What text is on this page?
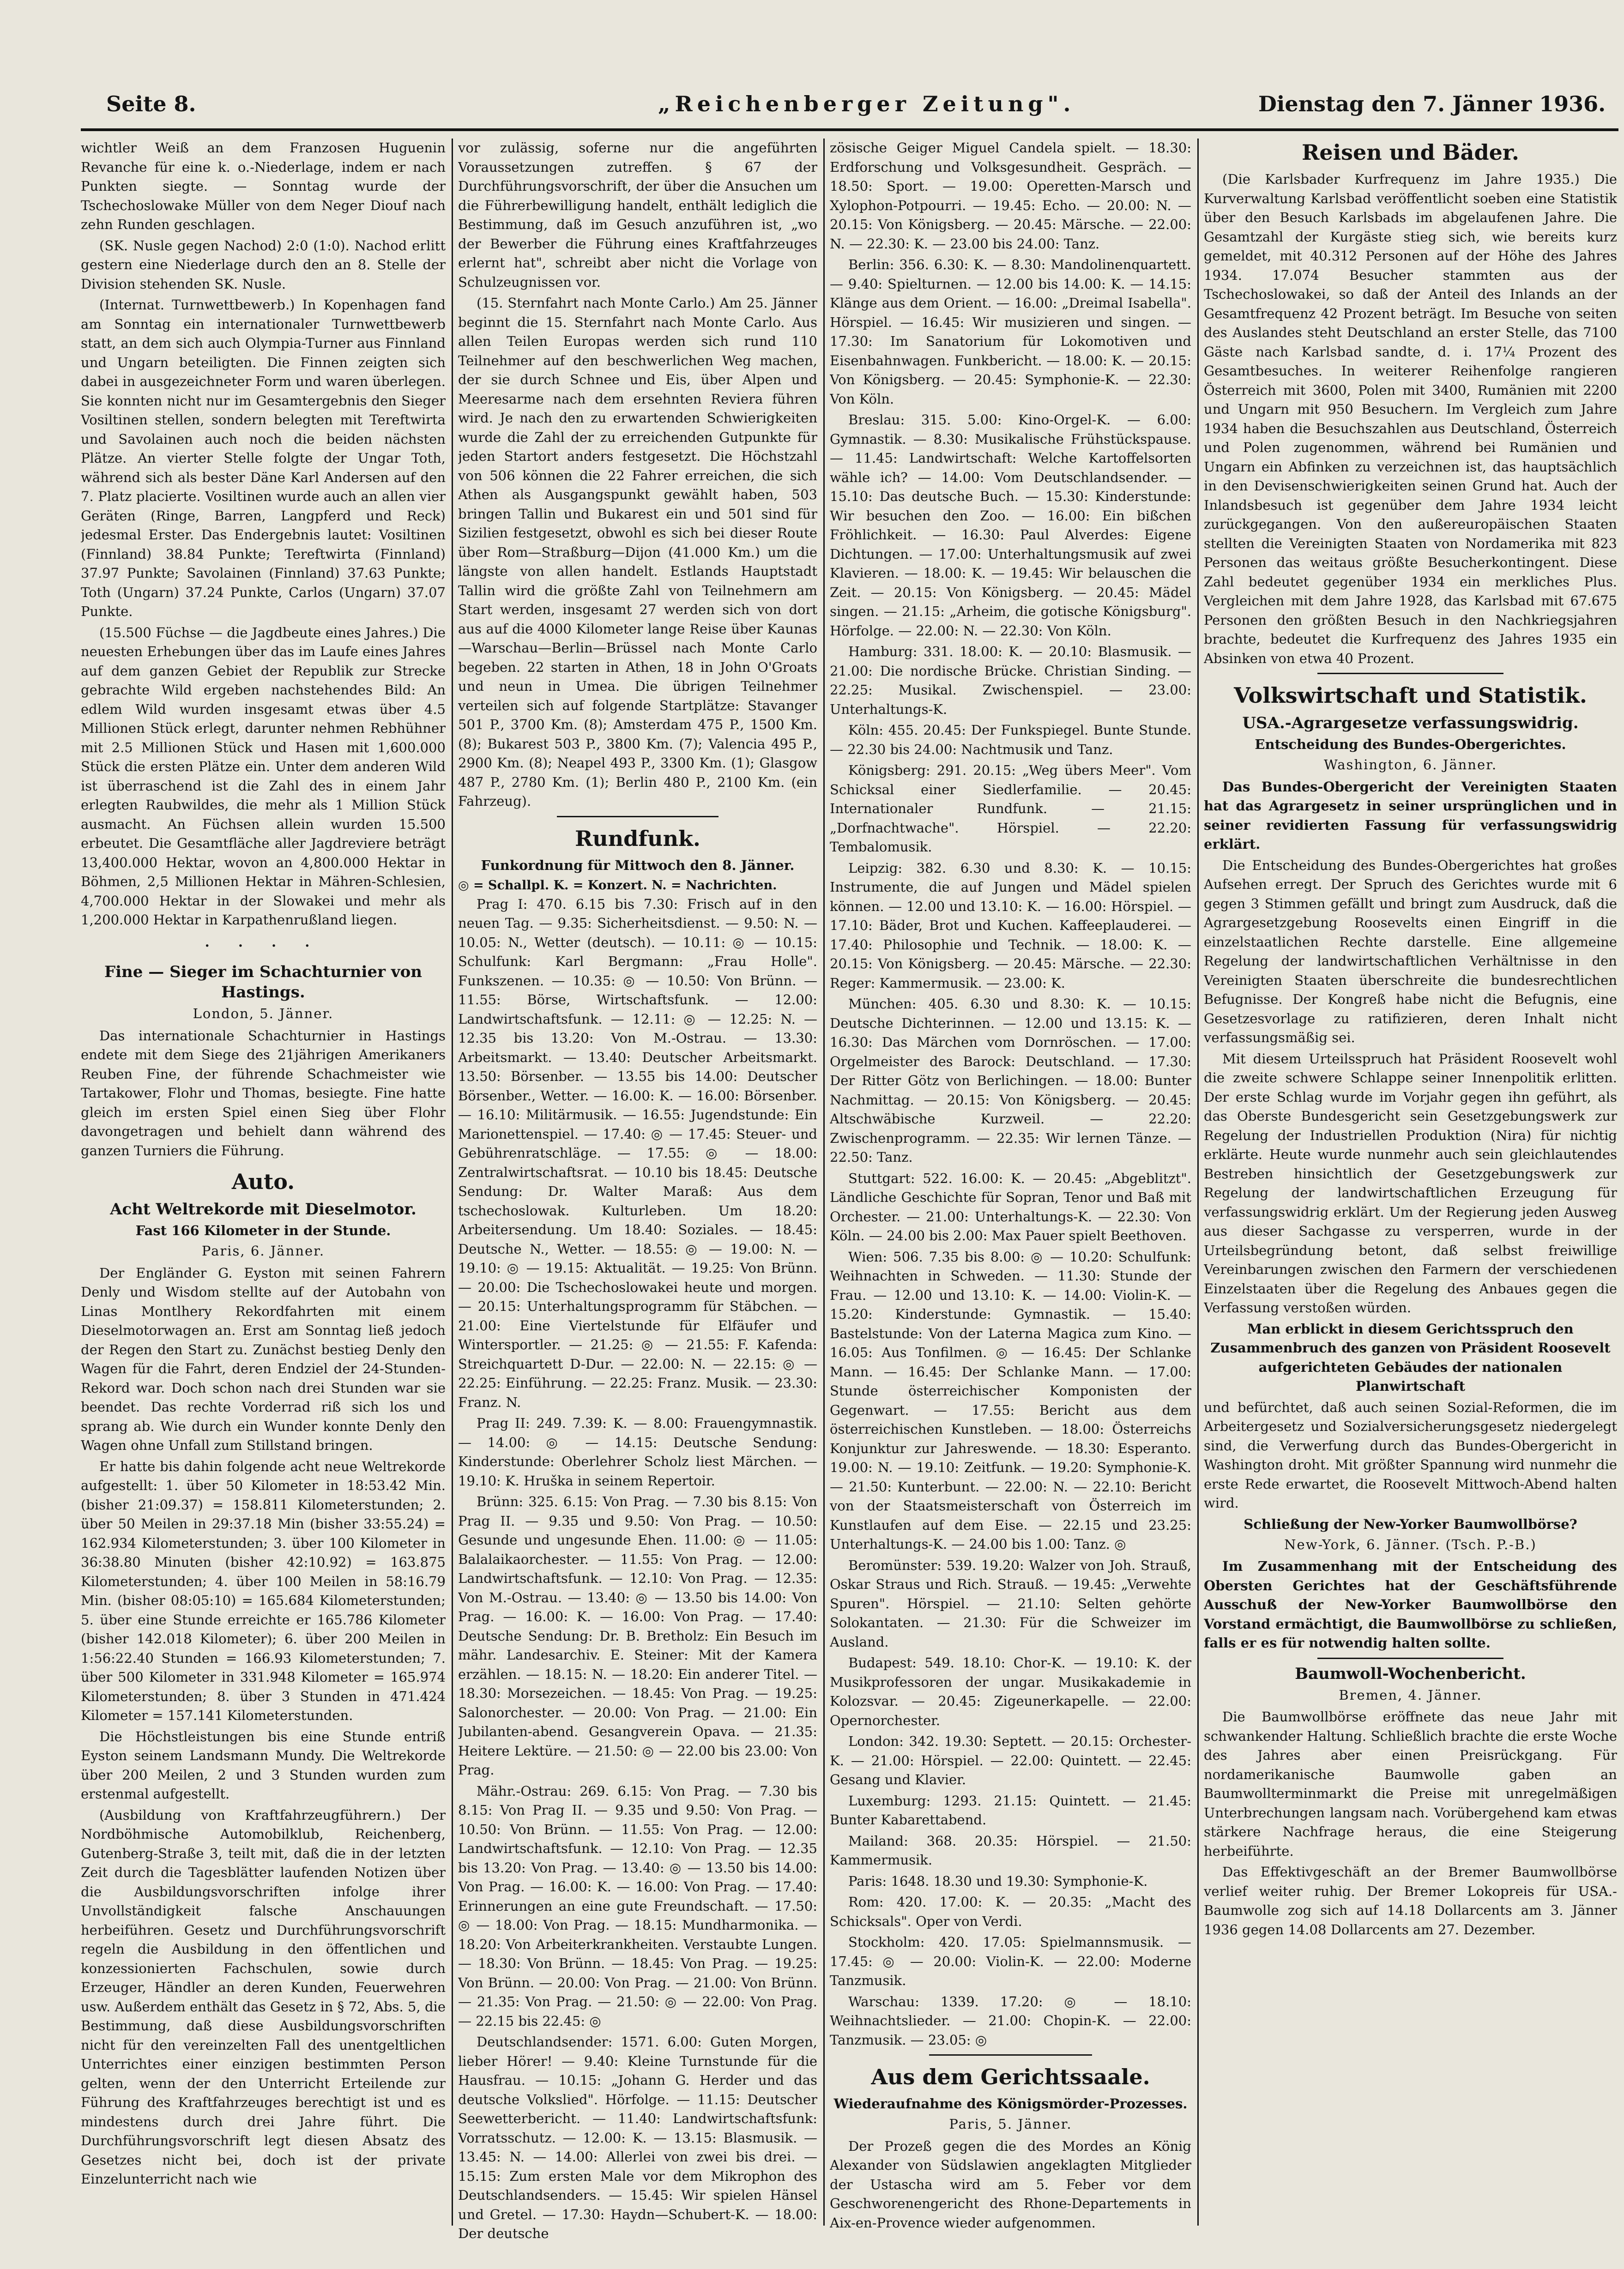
Seite 8.	„Reichenberger Zeitung".	Dienstag den 7. Jänner 1936.

wichtler Weiß an dem Franzosen Huguenin Revanche für eine k. o.-Niederlage, indem er nach Punkten siegte. — Sonntag wurde der Tschechoslowake Müller von dem Neger Diouf nach zehn Runden geschlagen.

(SK. Nusle gegen Nachod) 2:0 (1:0). Nachod erlitt gestern eine Niederlage durch den an 8. Stelle der Division stehenden SK. Nusle.

(Internat. Turnwettbewerb.) In Kopenhagen fand am Sonntag ein internationaler Turnwettbewerb statt, an dem sich auch Olympia-Turner aus Finnland und Ungarn beteiligten. Die Finnen zeigten sich dabei in ausgezeichneter Form und waren überlegen. Sie konnten nicht nur im Gesamtergebnis den Sieger Vosiltinen stellen, sondern belegten mit Tereftwirta und Savolainen auch noch die beiden nächsten Plätze. An vierter Stelle folgte der Ungar Toth, während sich als bester Däne Karl Andersen auf den 7. Platz placierte. Vosiltinen wurde auch an allen vier Geräten (Ringe, Barren, Langpferd und Reck) jedesmal Erster. Das Endergebnis lautet: Vosiltinen (Finnland) 38.84 Punkte; Tereftwirta (Finnland) 37.97 Punkte; Savolainen (Finnland) 37.63 Punkte; Toth (Ungarn) 37.24 Punkte, Carlos (Ungarn) 37.07 Punkte.

(15.500 Füchse — die Jagdbeute eines Jahres.) Die neuesten Erhebungen über das im Laufe eines Jahres auf dem ganzen Gebiet der Republik zur Strecke gebrachte Wild ergeben nachstehendes Bild: An edlem Wild wurden insgesamt etwas über 4.5 Millionen Stück erlegt, darunter nehmen Rebhühner mit 2.5 Millionen Stück und Hasen mit 1,600.000 Stück die ersten Plätze ein. Unter dem anderen Wild ist überraschend ist die Zahl des in einem Jahr erlegten Raubwildes, die mehr als 1 Million Stück ausmacht. An Füchsen allein wurden 15.500 erbeutet. Die Gesamtfläche aller Jagdreviere beträgt 13,400.000 Hektar, wovon an 4,800.000 Hektar in Böhmen, 2,5 Millionen Hektar in Mähren-Schlesien, 4,700.000 Hektar in der Slowakei und mehr als 1,200.000 Hektar in Karpathenrußland liegen.

· · · ·
Fine — Sieger im Schachturnier von Hastings.
London, 5. Jänner.

Das internationale Schachturnier in Hastings endete mit dem Siege des 21jährigen Amerikaners Reuben Fine, der führende Schachmeister wie Tartakower, Flohr und Thomas, besiegte. Fine hatte gleich im ersten Spiel einen Sieg über Flohr davongetragen und behielt dann während des ganzen Turniers die Führung.

Auto.
Acht Weltrekorde mit Dieselmotor.
Fast 166 Kilometer in der Stunde.
Paris, 6. Jänner.

Der Engländer G. Eyston mit seinen Fahrern Denly und Wisdom stellte auf der Autobahn von Linas Montlhery Rekordfahrten mit einem Dieselmotorwagen an. Erst am Sonntag ließ jedoch der Regen den Start zu. Zunächst bestieg Denly den Wagen für die Fahrt, deren Endziel der 24-Stunden-Rekord war. Doch schon nach drei Stunden war sie beendet. Das rechte Vorderrad riß sich los und sprang ab. Wie durch ein Wunder konnte Denly den Wagen ohne Unfall zum Stillstand bringen.

Er hatte bis dahin folgende acht neue Weltrekorde aufgestellt: 1. über 50 Kilometer in 18:53.42 Min. (bisher 21:09.37) = 158.811 Kilometerstunden; 2. über 50 Meilen in 29:37.18 Min (bisher 33:55.24) = 162.934 Kilometerstunden; 3. über 100 Kilometer in 36:38.80 Minuten (bisher 42:10.92) = 163.875 Kilometerstunden; 4. über 100 Meilen in 58:16.79 Min. (bisher 08:05:10) = 165.684 Kilometerstunden; 5. über eine Stunde erreichte er 165.786 Kilometer (bisher 142.018 Kilometer); 6. über 200 Meilen in 1:56:22.40 Stunden = 166.93 Kilometerstunden; 7. über 500 Kilometer in 331.948 Kilometer = 165.974 Kilometerstunden; 8. über 3 Stunden in 471.424 Kilometer = 157.141 Kilometerstunden.

Die Höchstleistungen bis eine Stunde entriß Eyston seinem Landsmann Mundy. Die Weltrekorde über 200 Meilen, 2 und 3 Stunden wurden zum erstenmal aufgestellt.

(Ausbildung von Kraftfahrzeugführern.) Der Nordböhmische Automobilklub, Reichenberg, Gutenberg-Straße 3, teilt mit, daß die in der letzten Zeit durch die Tagesblätter laufenden Notizen über die Ausbildungsvorschriften infolge ihrer Unvollständigkeit falsche Anschauungen herbeiführen. Gesetz und Durchführungsvorschrift regeln die Ausbildung in den öffentlichen und konzessionierten Fachschulen, sowie durch Erzeuger, Händler an deren Kunden, Feuerwehren usw. Außerdem enthält das Gesetz in § 72, Abs. 5, die Bestimmung, daß diese Ausbildungsvorschriften nicht für den vereinzelten Fall des unentgeltlichen Unterrichtes einer einzigen bestimmten Person gelten, wenn der den Unterricht Erteilende zur Führung des Kraftfahrzeuges berechtigt ist und es mindestens durch drei Jahre führt. Die Durchführungsvorschrift legt diesen Absatz des Gesetzes nicht bei, doch ist der private Einzelunterricht nach wie

vor zulässig, soferne nur die angeführten Voraussetzungen zutreffen. § 67 der Durchführungsvorschrift, der über die Ansuchen um die Führerbewilligung handelt, enthält lediglich die Bestimmung, daß im Gesuch anzuführen ist, „wo der Bewerber die Führung eines Kraftfahrzeuges erlernt hat", schreibt aber nicht die Vorlage von Schulzeugnissen vor.

(15. Sternfahrt nach Monte Carlo.) Am 25. Jänner beginnt die 15. Sternfahrt nach Monte Carlo. Aus allen Teilen Europas werden sich rund 110 Teilnehmer auf den beschwerlichen Weg machen, der sie durch Schnee und Eis, über Alpen und Meeresarme nach dem ersehnten Reviera führen wird. Je nach den zu erwartenden Schwierigkeiten wurde die Zahl der zu erreichenden Gutpunkte für jeden Startort anders festgesetzt. Die Höchstzahl von 506 können die 22 Fahrer erreichen, die sich Athen als Ausgangspunkt gewählt haben, 503 bringen Tallin und Bukarest ein und 501 sind für Sizilien festgesetzt, obwohl es sich bei dieser Route über Rom—Straßburg—Dijon (41.000 Km.) um die längste von allen handelt. Estlands Hauptstadt Tallin wird die größte Zahl von Teilnehmern am Start werden, insgesamt 27 werden sich von dort aus auf die 4000 Kilometer lange Reise über Kaunas—Warschau—Berlin—Brüssel nach Monte Carlo begeben. 22 starten in Athen, 18 in John O'Groats und neun in Umea. Die übrigen Teilnehmer verteilen sich auf folgende Startplätze: Stavanger 501 P., 3700 Km. (8); Amsterdam 475 P., 1500 Km. (8); Bukarest 503 P., 3800 Km. (7); Valencia 495 P., 2900 Km. (8); Neapel 493 P., 3300 Km. (1); Glasgow 487 P., 2780 Km. (1); Berlin 480 P., 2100 Km. (ein Fahrzeug).

Rundfunk.
Funkordnung für Mittwoch den 8. Jänner.
◎ = Schallpl. K. = Konzert. N. = Nachrichten.

Prag I: 470. 6.15 bis 7.30: Frisch auf in den neuen Tag. — 9.35: Sicherheitsdienst. — 9.50: N. — 10.05: N., Wetter (deutsch). — 10.11: ◎ — 10.15: Schulfunk: Karl Bergmann: „Frau Holle". Funkszenen. — 10.35: ◎ — 10.50: Von Brünn. — 11.55: Börse, Wirtschaftsfunk. — 12.00: Landwirtschaftsfunk. — 12.11: ◎ — 12.25: N. — 12.35 bis 13.20: Von M.-Ostrau. — 13.30: Arbeitsmarkt. — 13.40: Deutscher Arbeitsmarkt. 13.50: Börsenber. — 13.55 bis 14.00: Deutscher Börsenber., Wetter. — 16.00: K. — 16.00: Börsenber. — 16.10: Militärmusik. — 16.55: Jugendstunde: Ein Marionettenspiel. — 17.40: ◎ — 17.45: Steuer- und Gebührenratschläge. — 17.55: ◎ — 18.00: Zentralwirtschaftsrat. — 10.10 bis 18.45: Deutsche Sendung: Dr. Walter Maraß: Aus dem tschechoslowak. Kulturleben. Um 18.20: Arbeitersendung. Um 18.40: Soziales. — 18.45: Deutsche N., Wetter. — 18.55: ◎ — 19.00: N. — 19.10: ◎ — 19.15: Aktualität. — 19.25: Von Brünn. — 20.00: Die Tschechoslowakei heute und morgen. — 20.15: Unterhaltungsprogramm für Stäbchen. — 21.00: Eine Viertelstunde für Elfäufer und Wintersportler. — 21.25: ◎ — 21.55: F. Kafenda: Streichquartett D-Dur. — 22.00: N. — 22.15: ◎ — 22.25: Einführung. — 22.25: Franz. Musik. — 23.30: Franz. N.

Prag II: 249. 7.39: K. — 8.00: Frauengymnastik. — 14.00: ◎ — 14.15: Deutsche Sendung: Kinderstunde: Oberlehrer Scholz liest Märchen. — 19.10: K. Hruška in seinem Repertoir.

Brünn: 325. 6.15: Von Prag. — 7.30 bis 8.15: Von Prag II. — 9.35 und 9.50: Von Prag. — 10.50: Gesunde und ungesunde Ehen. 11.00: ◎ — 11.05: Balalaikaorchester. — 11.55: Von Prag. — 12.00: Landwirtschaftsfunk. — 12.10: Von Prag. — 12.35: Von M.-Ostrau. — 13.40: ◎ — 13.50 bis 14.00: Von Prag. — 16.00: K. — 16.00: Von Prag. — 17.40: Deutsche Sendung: Dr. B. Bretholz: Ein Besuch im mähr. Landesarchiv. E. Steiner: Mit der Kamera erzählen. — 18.15: N. — 18.20: Ein anderer Titel. — 18.30: Morsezeichen. — 18.45: Von Prag. — 19.25: Salonorchester. — 20.00: Von Prag. — 21.00: Ein Jubilanten-abend. Gesangverein Opava. — 21.35: Heitere Lektüre. — 21.50: ◎ — 22.00 bis 23.00: Von Prag.

Mähr.-Ostrau: 269. 6.15: Von Prag. — 7.30 bis 8.15: Von Prag II. — 9.35 und 9.50: Von Prag. — 10.50: Von Brünn. — 11.55: Von Prag. — 12.00: Landwirtschaftsfunk. — 12.10: Von Prag. — 12.35 bis 13.20: Von Prag. — 13.40: ◎ — 13.50 bis 14.00: Von Prag. — 16.00: K. — 16.00: Von Prag. — 17.40: Erinnerungen an eine gute Freundschaft. — 17.50: ◎ — 18.00: Von Prag. — 18.15: Mundharmonika. — 18.20: Von Arbeiterkrankheiten. Verstaubte Lungen. — 18.30: Von Brünn. — 18.45: Von Prag. — 19.25: Von Brünn. — 20.00: Von Prag. — 21.00: Von Brünn. — 21.35: Von Prag. — 21.50: ◎ — 22.00: Von Prag. — 22.15 bis 22.45: ◎

Deutschlandsender: 1571. 6.00: Guten Morgen, lieber Hörer! — 9.40: Kleine Turnstunde für die Hausfrau. — 10.15: „Johann G. Herder und das deutsche Volkslied". Hörfolge. — 11.15: Deutscher Seewetterbericht. — 11.40: Landwirtschaftsfunk: Vorratsschutz. — 12.00: K. — 13.15: Blasmusik. — 13.45: N. — 14.00: Allerlei von zwei bis drei. — 15.15: Zum ersten Male vor dem Mikrophon des Deutschlandsenders. — 15.45: Wir spielen Hänsel und Gretel. — 17.30: Haydn—Schubert-K. — 18.00: Der deutsche

zösische Geiger Miguel Candela spielt. — 18.30: Erdforschung und Volksgesundheit. Gespräch. — 18.50: Sport. — 19.00: Operetten-Marsch und Xylophon-Potpourri. — 19.45: Echo. — 20.00: N. — 20.15: Von Königsberg. — 20.45: Märsche. — 22.00: N. — 22.30: K. — 23.00 bis 24.00: Tanz.

Berlin: 356. 6.30: K. — 8.30: Mandolinenquartett. — 9.40: Spielturnen. — 12.00 bis 14.00: K. — 14.15: Klänge aus dem Orient. — 16.00: „Dreimal Isabella". Hörspiel. — 16.45: Wir musizieren und singen. — 17.30: Im Sanatorium für Lokomotiven und Eisenbahnwagen. Funkbericht. — 18.00: K. — 20.15: Von Königsberg. — 20.45: Symphonie-K. — 22.30: Von Köln.

Breslau: 315. 5.00: Kino-Orgel-K. — 6.00: Gymnastik. — 8.30: Musikalische Frühstückspause. — 11.45: Landwirtschaft: Welche Kartoffelsorten wähle ich? — 14.00: Vom Deutschlandsender. — 15.10: Das deutsche Buch. — 15.30: Kinderstunde: Wir besuchen den Zoo. — 16.00: Ein bißchen Fröhlichkeit. — 16.30: Paul Alverdes: Eigene Dichtungen. — 17.00: Unterhaltungsmusik auf zwei Klavieren. — 18.00: K. — 19.45: Wir belauschen die Zeit. — 20.15: Von Königsberg. — 20.45: Mädel singen. — 21.15: „Arheim, die gotische Königsburg". Hörfolge. — 22.00: N. — 22.30: Von Köln.

Hamburg: 331. 18.00: K. — 20.10: Blasmusik. — 21.00: Die nordische Brücke. Christian Sinding. — 22.25: Musikal. Zwischenspiel. — 23.00: Unterhaltungs-K.

Köln: 455. 20.45: Der Funkspiegel. Bunte Stunde. — 22.30 bis 24.00: Nachtmusik und Tanz.

Königsberg: 291. 20.15: „Weg übers Meer". Vom Schicksal einer Siedlerfamilie. — 20.45: Internationaler Rundfunk. — 21.15: „Dorfnachtwache". Hörspiel. — 22.20: Tembalomusik.

Leipzig: 382. 6.30 und 8.30: K. — 10.15: Instrumente, die auf Jungen und Mädel spielen können. — 12.00 und 13.10: K. — 16.00: Hörspiel. — 17.10: Bäder, Brot und Kuchen. Kaffeeplauderei. — 17.40: Philosophie und Technik. — 18.00: K. — 20.15: Von Königsberg. — 20.45: Märsche. — 22.30: Reger: Kammermusik. — 23.00: K.

München: 405. 6.30 und 8.30: K. — 10.15: Deutsche Dichterinnen. — 12.00 und 13.15: K. — 16.30: Das Märchen vom Dornröschen. — 17.00: Orgelmeister des Barock: Deutschland. — 17.30: Der Ritter Götz von Berlichingen. — 18.00: Bunter Nachmittag. — 20.15: Von Königsberg. — 20.45: Altschwäbische Kurzweil. — 22.20: Zwischenprogramm. — 22.35: Wir lernen Tänze. — 22.50: Tanz.

Stuttgart: 522. 16.00: K. — 20.45: „Abgeblitzt". Ländliche Geschichte für Sopran, Tenor und Baß mit Orchester. — 21.00: Unterhaltungs-K. — 22.30: Von Köln. — 24.00 bis 2.00: Max Pauer spielt Beethoven.

Wien: 506. 7.35 bis 8.00: ◎ — 10.20: Schulfunk: Weihnachten in Schweden. — 11.30: Stunde der Frau. — 12.00 und 13.10: K. — 14.00: Violin-K. — 15.20: Kinderstunde: Gymnastik. — 15.40: Bastelstunde: Von der Laterna Magica zum Kino. — 16.05: Aus Tonfilmen. ◎ — 16.45: Der Schlanke Mann. — 16.45: Der Schlanke Mann. — 17.00: Stunde österreichischer Komponisten der Gegenwart. — 17.55: Bericht aus dem österreichischen Kunstleben. — 18.00: Österreichs Konjunktur zur Jahreswende. — 18.30: Esperanto. 19.00: N. — 19.10: Zeitfunk. — 19.20: Symphonie-K. — 21.50: Kunterbunt. — 22.00: N. — 22.10: Bericht von der Staatsmeisterschaft von Österreich im Kunstlaufen auf dem Eise. — 22.15 und 23.25: Unterhaltungs-K. — 24.00 bis 1.00: Tanz. ◎

Beromünster: 539. 19.20: Walzer von Joh. Strauß, Oskar Straus und Rich. Strauß. — 19.45: „Verwehte Spuren". Hörspiel. — 21.10: Selten gehörte Solokantaten. — 21.30: Für die Schweizer im Ausland.

Budapest: 549. 18.10: Chor-K. — 19.10: K. der Musikprofessoren der ungar. Musikakademie in Kolozsvar. — 20.45: Zigeunerkapelle. — 22.00: Opernorchester.

London: 342. 19.30: Septett. — 20.15: Orchester-K. — 21.00: Hörspiel. — 22.00: Quintett. — 22.45: Gesang und Klavier.

Luxemburg: 1293. 21.15: Quintett. — 21.45: Bunter Kabarettabend.

Mailand: 368. 20.35: Hörspiel. — 21.50: Kammermusik.

Paris: 1648. 18.30 und 19.30: Symphonie-K.

Rom: 420. 17.00: K. — 20.35: „Macht des Schicksals". Oper von Verdi.

Stockholm: 420. 17.05: Spielmannsmusik. — 17.45: ◎ — 20.00: Violin-K. — 22.00: Moderne Tanzmusik.

Warschau: 1339. 17.20: ◎ — 18.10: Weihnachtslieder. — 21.00: Chopin-K. — 22.00: Tanzmusik. — 23.05: ◎

Aus dem Gerichtssaale.
Wiederaufnahme des Königsmörder-Prozesses.
Paris, 5. Jänner.

Der Prozeß gegen die des Mordes an König Alexander von Südslawien angeklagten Mitglieder der Ustascha wird am 5. Feber vor dem Geschworenengericht des Rhone-Departements in Aix-en-Provence wieder aufgenommen.

Reisen und Bäder.

(Die Karlsbader Kurfrequenz im Jahre 1935.) Die Kurverwaltung Karlsbad veröffentlicht soeben eine Statistik über den Besuch Karlsbads im abgelaufenen Jahre. Die Gesamtzahl der Kurgäste stieg sich, wie bereits kurz gemeldet, mit 40.312 Personen auf der Höhe des Jahres 1934. 17.074 Besucher stammten aus der Tschechoslowakei, so daß der Anteil des Inlands an der Gesamtfrequenz 42 Prozent beträgt. Im Besuche von seiten des Auslandes steht Deutschland an erster Stelle, das 7100 Gäste nach Karlsbad sandte, d. i. 17¼ Prozent des Gesamtbesuches. In weiterer Reihenfolge rangieren Österreich mit 3600, Polen mit 3400, Rumänien mit 2200 und Ungarn mit 950 Besuchern. Im Vergleich zum Jahre 1934 haben die Besuchszahlen aus Deutschland, Österreich und Polen zugenommen, während bei Rumänien und Ungarn ein Abfinken zu verzeichnen ist, das hauptsächlich in den Devisenschwierigkeiten seinen Grund hat. Auch der Inlandsbesuch ist gegenüber dem Jahre 1934 leicht zurückgegangen. Von den außereuropäischen Staaten stellten die Vereinigten Staaten von Nordamerika mit 823 Personen das weitaus größte Besucherkontingent. Diese Zahl bedeutet gegenüber 1934 ein merkliches Plus. Vergleichen mit dem Jahre 1928, das Karlsbad mit 67.675 Personen den größten Besuch in den Nachkriegsjahren brachte, bedeutet die Kurfrequenz des Jahres 1935 ein Absinken von etwa 40 Prozent.

Volkswirtschaft und Statistik.
USA.-Agrargesetze verfassungswidrig.
Entscheidung des Bundes-Obergerichtes.
Washington, 6. Jänner.

Das Bundes-Obergericht der Vereinigten Staaten hat das Agrargesetz in seiner ursprünglichen und in seiner revidierten Fassung für verfassungswidrig erklärt.

Die Entscheidung des Bundes-Obergerichtes hat großes Aufsehen erregt. Der Spruch des Gerichtes wurde mit 6 gegen 3 Stimmen gefällt und bringt zum Ausdruck, daß die Agrargesetzgebung Roosevelts einen Eingriff in die einzelstaatlichen Rechte darstelle. Eine allgemeine Regelung der landwirtschaftlichen Verhältnisse in den Vereinigten Staaten überschreite die bundesrechtlichen Befugnisse. Der Kongreß habe nicht die Befugnis, eine Gesetzesvorlage zu ratifizieren, deren Inhalt nicht verfassungsmäßig sei.

Mit diesem Urteilsspruch hat Präsident Roosevelt wohl die zweite schwere Schlappe seiner Innenpolitik erlitten. Der erste Schlag wurde im Vorjahr gegen ihn geführt, als das Oberste Bundesgericht sein Gesetzgebungswerk zur Regelung der Industriellen Produktion (Nira) für nichtig erklärte. Heute wurde nunmehr auch sein gleichlautendes Bestreben hinsichtlich der Gesetzgebungswerk zur Regelung der landwirtschaftlichen Erzeugung für verfassungswidrig erklärt. Um der Regierung jeden Ausweg aus dieser Sachgasse zu versperren, wurde in der Urteilsbegründung betont, daß selbst freiwillige Vereinbarungen zwischen den Farmern der verschiedenen Einzelstaaten über die Regelung des Anbaues gegen die Verfassung verstoßen würden.

Man erblickt in diesem Gerichtsspruch den Zusammenbruch des ganzen von Präsident Roosevelt aufgerichteten Gebäudes der nationalen Planwirtschaft

und befürchtet, daß auch seinen Sozial-Reformen, die im Arbeitergesetz und Sozialversicherungsgesetz niedergelegt sind, die Verwerfung durch das Bundes-Obergericht in Washington droht. Mit größter Spannung wird nunmehr die erste Rede erwartet, die Roosevelt Mittwoch-Abend halten wird.

Schließung der New-Yorker Baumwollbörse?
New-York, 6. Jänner. (Tsch. P.-B.)

Im Zusammenhang mit der Entscheidung des Obersten Gerichtes hat der Geschäftsführende Ausschuß der New-Yorker Baumwollbörse den Vorstand ermächtigt, die Baumwollbörse zu schließen, falls er es für notwendig halten sollte.

Baumwoll-Wochenbericht.
Bremen, 4. Jänner.

Die Baumwollbörse eröffnete das neue Jahr mit schwankender Haltung. Schließlich brachte die erste Woche des Jahres aber einen Preisrückgang. Für nordamerikanische Baumwolle gaben an Baumwollterminmarkt die Preise mit unregelmäßigen Unterbrechungen langsam nach. Vorübergehend kam etwas stärkere Nachfrage heraus, die eine Steigerung herbeiführte.

Das Effektivgeschäft an der Bremer Baumwollbörse verlief weiter ruhig. Der Bremer Lokopreis für USA.-Baumwolle zog sich auf 14.18 Dollarcents am 3. Jänner 1936 gegen 14.08 Dollarcents am 27. Dezember.
